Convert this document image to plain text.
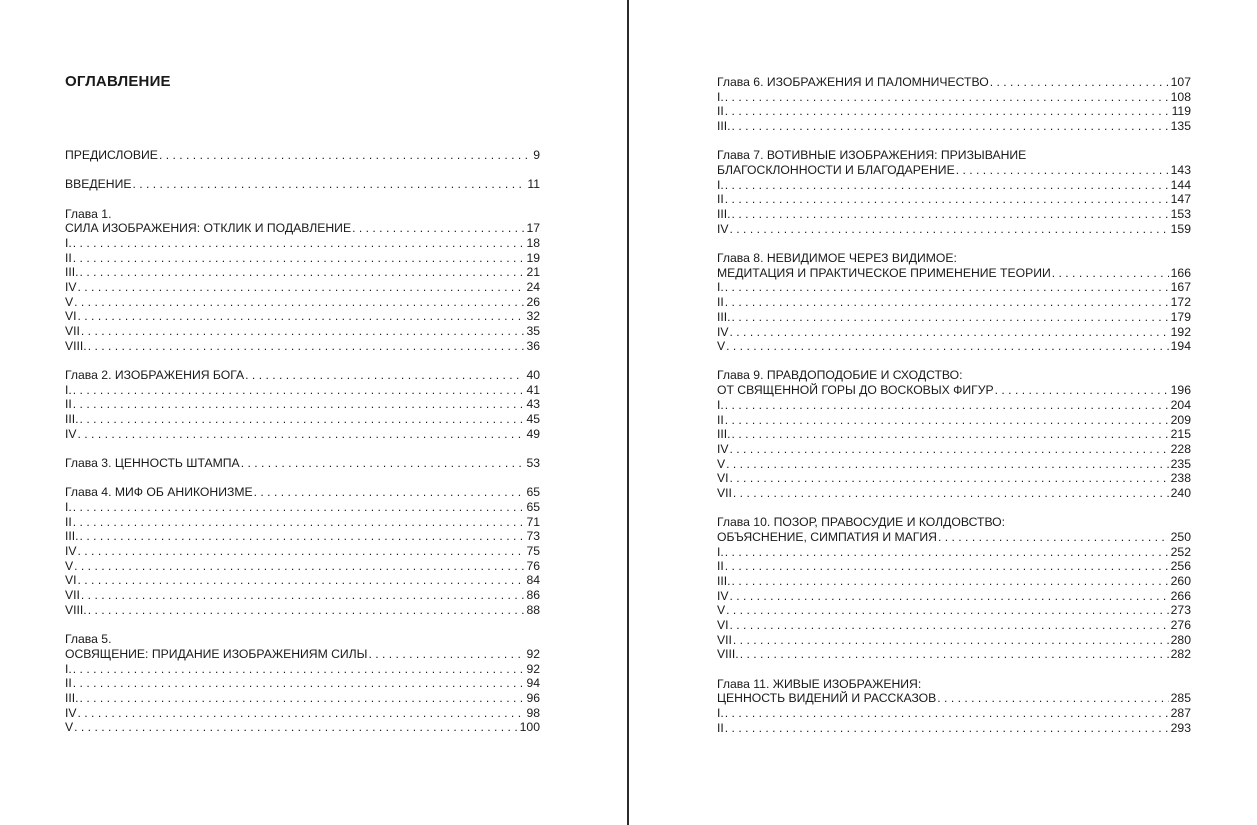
ОГЛАВЛЕНИЕ
ПРЕДИСЛОВИЕ . . .	9
ВВЕДЕНИЕ . . .	11
Глава 1.
СИЛА ИЗОБРАЖЕНИЯ: ОТКЛИК И ПОДАВЛЕНИЕ . . .	17
I. . . .	18
II . . .	19
III. . . .	21
IV . . .	24
V . . .	26
VI . . .	32
VII . . .	35
VIII. . . .	36
Глава 2. ИЗОБРАЖЕНИЯ БОГА . . .	40
I. . . .	41
II . . .	43
III. . . .	45
IV . . .	49
Глава 3. ЦЕННОСТЬ ШТАМПА . . .	53
Глава 4. МИФ ОБ АНИКОНИЗМЕ . . .	65
I. . . .	65
II . . .	71
III. . . .	73
IV . . .	75
V . . .	76
VI . . .	84
VII . . .	86
VIII. . . .	88
Глава 5.
ОСВЯЩЕНИЕ: ПРИДАНИЕ ИЗОБРАЖЕНИЯМ СИЛЫ . . .	92
I. . . .	92
II . . .	94
III. . . .	96
IV . . .	98
V . . .	100
Глава 6. ИЗОБРАЖЕНИЯ И ПАЛОМНИЧЕСТВО . . .	107
I. . . .	108
II . . .	119
III. . . .	135
Глава 7. ВОТИВНЫЕ ИЗОБРАЖЕНИЯ: ПРИЗЫВАНИЕ
БЛАГОСКЛОННОСТИ И БЛАГОДАРЕНИЕ . . .	143
I. . . .	144
II . . .	147
III. . . .	153
IV . . .	159
Глава 8. НЕВИДИМОЕ ЧЕРЕЗ ВИДИМОЕ:
МЕДИТАЦИЯ И ПРАКТИЧЕСКОЕ ПРИМЕНЕНИЕ ТЕОРИИ . . .	166
I. . . .	167
II . . .	172
III. . . .	179
IV . . .	192
V . . .	194
Глава 9. ПРАВДОПОДОБИЕ И СХОДСТВО:
ОТ СВЯЩЕННОЙ ГОРЫ ДО ВОСКОВЫХ ФИГУР . . .	196
I. . . .	204
II . . .	209
III. . . .	215
IV . . .	228
V . . .	235
VI . . .	238
VII . . .	240
Глава 10. ПОЗОР, ПРАВОСУДИЕ И КОЛДОВСТВО:
ОБЪЯСНЕНИЕ, СИМПАТИЯ И МАГИЯ . . .	250
I. . . .	252
II . . .	256
III. . . .	260
IV . . .	266
V . . .	273
VI . . .	276
VII . . .	280
VIII. . . .	282
Глава 11. ЖИВЫЕ ИЗОБРАЖЕНИЯ:
ЦЕННОСТЬ ВИДЕНИЙ И РАССКАЗОВ . . .	285
I. . . .	287
II . . .	293
